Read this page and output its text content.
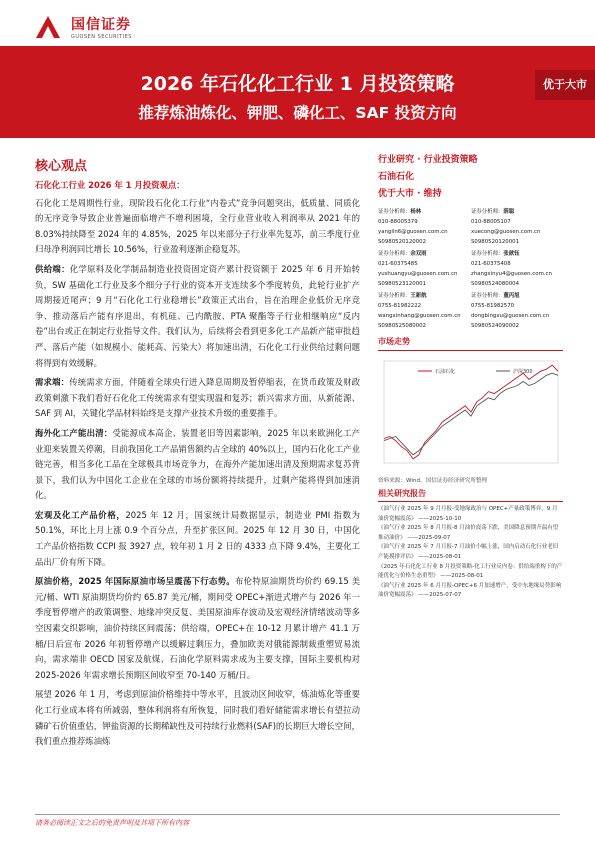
国信证券
GUOSEN SECURITIES
2026 年石化化工行业 1 月投资策略
推荐炼油炼化、钾肥、磷化工、SAF 投资方向
优于大市
核心观点

石化化工行业 2026 年 1 月投资观点：

石化化工是周期性行业，现阶段石化化工行业“内卷式”竞争问题突出，低质量、同质化的无序竞争导致企业普遍面临增产不增利困境，全行业营业收入利润率从 2021 年的 8.03%持续降至 2024 年的 4.85%，2025 年以来部分子行业率先复苏，前三季度行业归母净利润同比增长 10.56%，行业盈利逐渐企稳复苏。

供给端：化学原料及化学制品制造业投资固定资产累计投资额于 2025 年 6 月开始转负，SW 基础化工行业及多个细分子行业的资本开支连续多个季度转负，此轮行业扩产周期接近尾声；9 月“石化化工行业稳增长”政策正式出台，旨在治理企业低价无序竞争、推动落后产能有序退出，有机硅、己内酰胺、PTA 聚酯等子行业相继响应“反内卷”出台或正在制定行业指导文件。我们认为，后续将会看到更多化工产品新产能审批趋严、落后产能（如规模小、能耗高、污染大）将加速出清，石化化工行业供给过剩问题将得到有效缓解。

需求端：传统需求方面，伴随着全球央行进入降息周期及暂停缩表，在货币政策及财政政策刺激下我们看好石化化工传统需求有望实现温和复苏；新兴需求方面，从新能源、SAF 到 AI，关键化学品材料始终是支撑产业技术升级的重要推手。

海外化工产能出清：受能源成本高企、装置老旧等因素影响，2025 年以来欧洲化工产业迎来装置关停潮，目前我国化工产品销售额约占全球的 40%以上，国内石化化工产业链完善，相当多化工品在全球极具市场竞争力，在海外产能加速出清及预期需求复苏背景下，我们认为中国化工企业在全球的市场份额将持续提升，过剩产能将得到加速消化。

宏观及化工产品价格，2025 年 12 月，国家统计局数据显示，制造业 PMI 指数为 50.1%，环比上月上涨 0.9 个百分点，升至扩张区间。2025 年 12 月 30 日，中国化工产品价格指数 CCPI 报 3927 点，较年初 1 月 2 日的 4333 点下降 9.4%，主要化工品出厂价有所下降。

原油价格，2025 年国际原油市场呈震荡下行态势。布伦特原油期货均价约 69.15 美元/桶、WTI 原油期货均价约 65.87 美元/桶，期间受 OPEC+渐进式增产与 2026 年一季度暂停增产的政策调整、地缘冲突反复、美国原油库存波动及宏观经济情绪波动等多空因素交织影响，油价持续区间震荡；供给端，OPEC+在 10-12 月累计增产 41.1 万桶/日后宣布 2026 年初暂停增产以缓解过剩压力，叠加欧美对俄能源制裁重塑贸易流向，需求端非 OECD 国家及航煤、石油化学原料需求成为主要支撑，国际主要机构对 2025-2026 年需求增长预期区间收窄至 70-140 万桶/日。

展望 2026 年 1 月，考虑到原油价格维持中等水平，且波动区间收窄，炼油炼化等重要化工行业成本将有所减弱，整体利润将有所恢复，同时我们看好储能需求增长有望拉动磷矿石价值重估，钾盐资源的长期稀缺性及可持续行业燃料(SAF)的长期巨大增长空间，我们重点推荐炼油炼

行业研究 · 行业投资策略
石油石化
优于大市 · 维持
证券分析师：杨林
010-88005379
yanglin6@guosen.com.cn
S0980520120002
证券分析师：薛聪
010-88005107
xuecong@guosen.com.cn
S0980520120001
证券分析师：余双雨
021-60375485
yushuangyu@guosen.com.cn
S0980523120001
证券分析师：张歆钰
021-60375408
zhangxinyu4@guosen.com.cn
S0980524080004
证券分析师：王新航
0755-81982222
wangxinhang@guosen.com.cn
S0980525080002
证券分析师：董丙旭
0755-81982570
dongbingxu@guosen.com.cn
S0980524090002
市场走势
石油石化	沪深300
资料来源：Wind、国信证券经济研究所整理
相关研究报告

《油气行业 2025 年 9 月月报-受地缘政治与 OPEC+产量政策博弈，9 月油价宽幅震荡》 ——2025-10-10

《油气行业 2025 年 8 月月报-8 月油价震荡下跌，美国降息预期升温有望推动油价》 ——2025-09-07

《油气行业 2025 年 7 月月报-7 月油价小幅上涨，国内启动石化行业老旧产能摸排评估》 ——2025-08-01

《2025 年石化化工行业 8 月投资策略-化工行业反内卷：供给端重构下的产能优化与价格生态重塑》 ——2025-08-01

《油气行业 2025 年 6 月月报-OPEC+6 月加速增产，受中东地缘局势影响油价宽幅震荡》 ——2025-07-07

请务必阅读正文之后的免责声明及其项下所有内容
